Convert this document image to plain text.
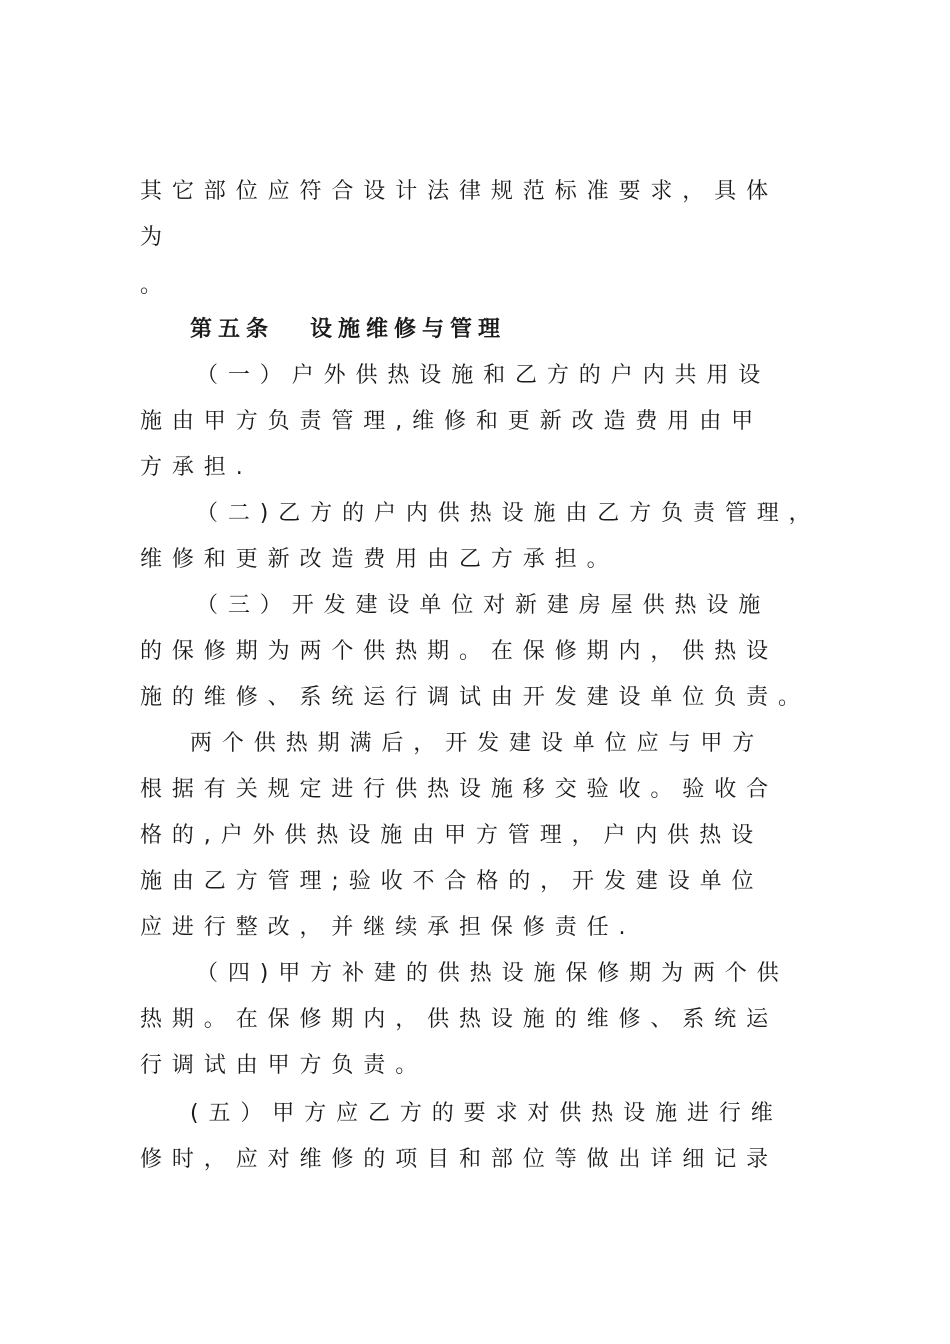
其它部位应符合设计法律规范标准要求，具体
为
。
第五条 设施维修与管理
（一）户外供热设施和乙方的户内共用设
施由甲方负责管理,维修和更新改造费用由甲
方承担.
（二)乙方的户内供热设施由乙方负责管理，
维修和更新改造费用由乙方承担。
（三）开发建设单位对新建房屋供热设施
的保修期为两个供热期。在保修期内，供热设
施的维修、系统运行调试由开发建设单位负责。
两个供热期满后，开发建设单位应与甲方
根据有关规定进行供热设施移交验收。验收合
格的,户外供热设施由甲方管理，户内供热设
施由乙方管理;验收不合格的，开发建设单位
应进行整改，并继续承担保修责任.
（四)甲方补建的供热设施保修期为两个供
热期。在保修期内，供热设施的维修、系统运
行调试由甲方负责。
(五）甲方应乙方的要求对供热设施进行维
修时，应对维修的项目和部位等做出详细记录
